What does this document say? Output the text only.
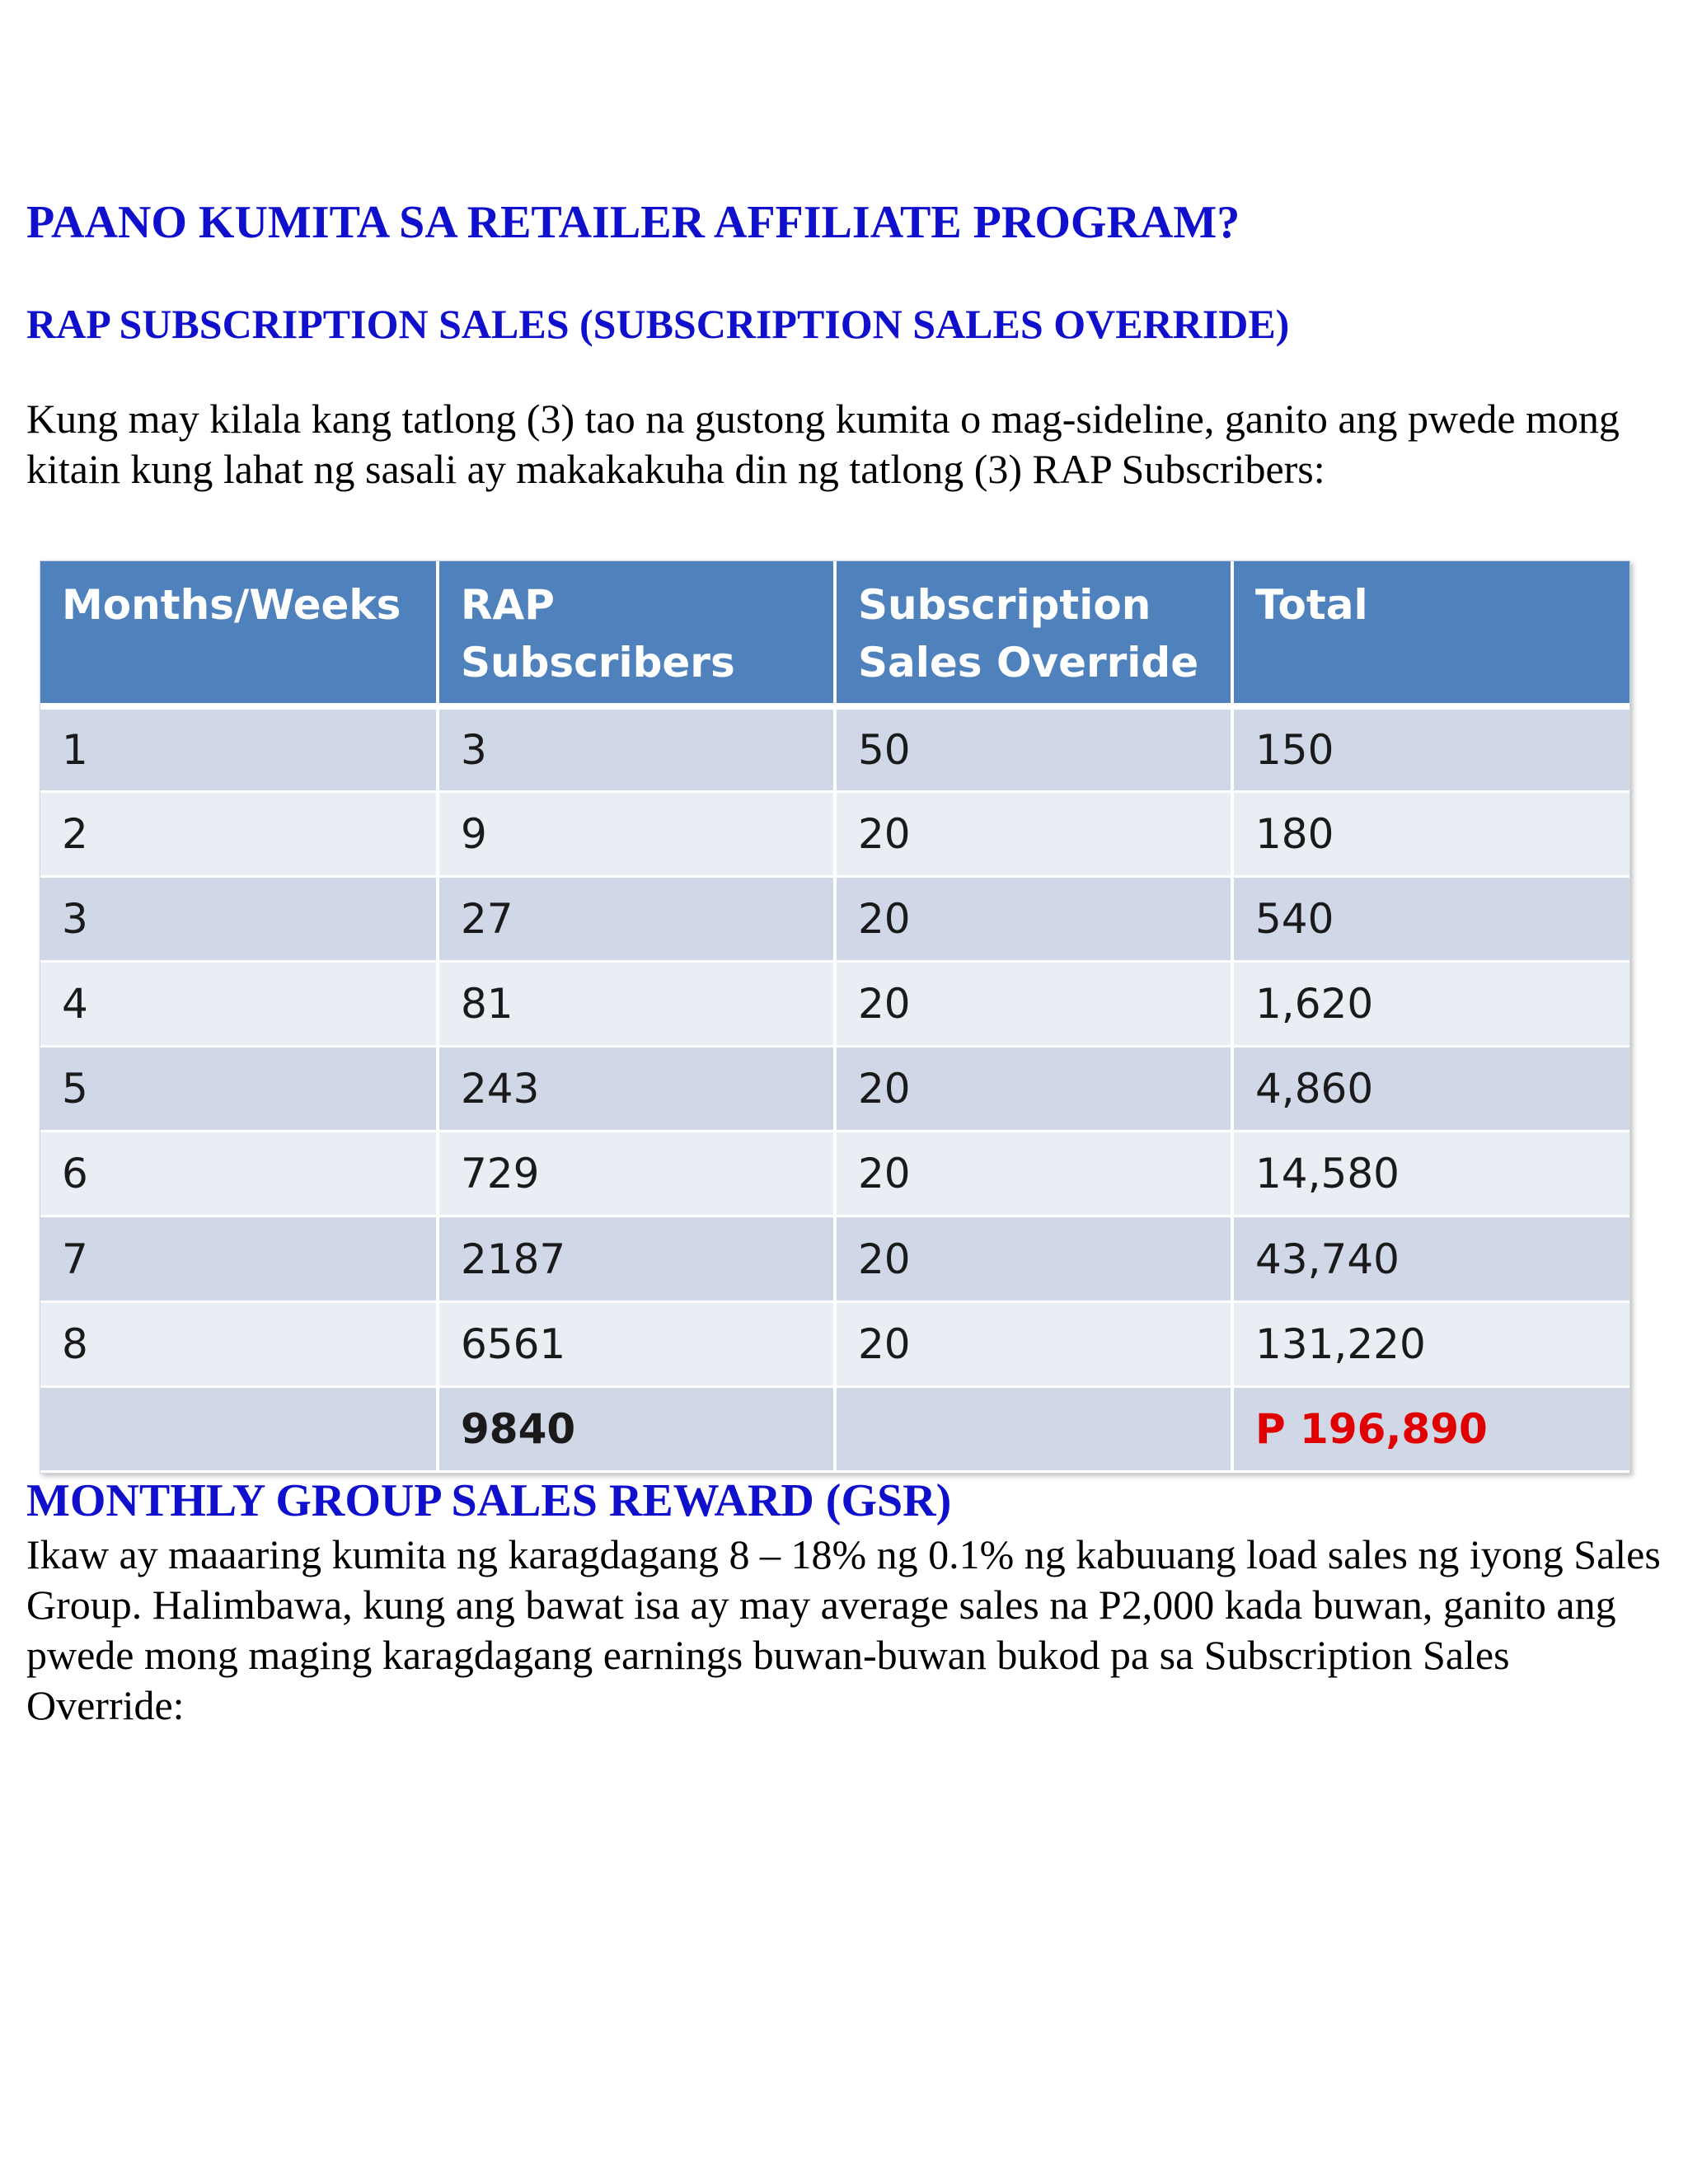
PAANO KUMITA SA RETAILER AFFILIATE PROGRAM?
RAP SUBSCRIPTION SALES (SUBSCRIPTION SALES OVERRIDE)

Kung may kilala kang tatlong (3) tao na gustong kumita o mag-sideline, ganito ang pwede mong kitain kung lahat ng sasali ay makakakuha din ng tatlong (3) RAP Subscribers:

Months/Weeks	RAP Subscribers	Subscription Sales Override	Total
1	3	50	150
2	9	20	180
3	27	20	540
4	81	20	1,620
5	243	20	4,860
6	729	20	14,580
7	2187	20	43,740
8	6561	20	131,220
	9840		P 196,890
MONTHLY GROUP SALES REWARD (GSR)

Ikaw ay maaaring kumita ng karagdagang 8 – 18% ng 0.1% ng kabuuang load sales ng iyong Sales Group. Halimbawa, kung ang bawat isa ay may average sales na P2,000 kada buwan, ganito ang pwede mong maging karagdagang earnings buwan-buwan bukod pa sa Subscription Sales Override:
